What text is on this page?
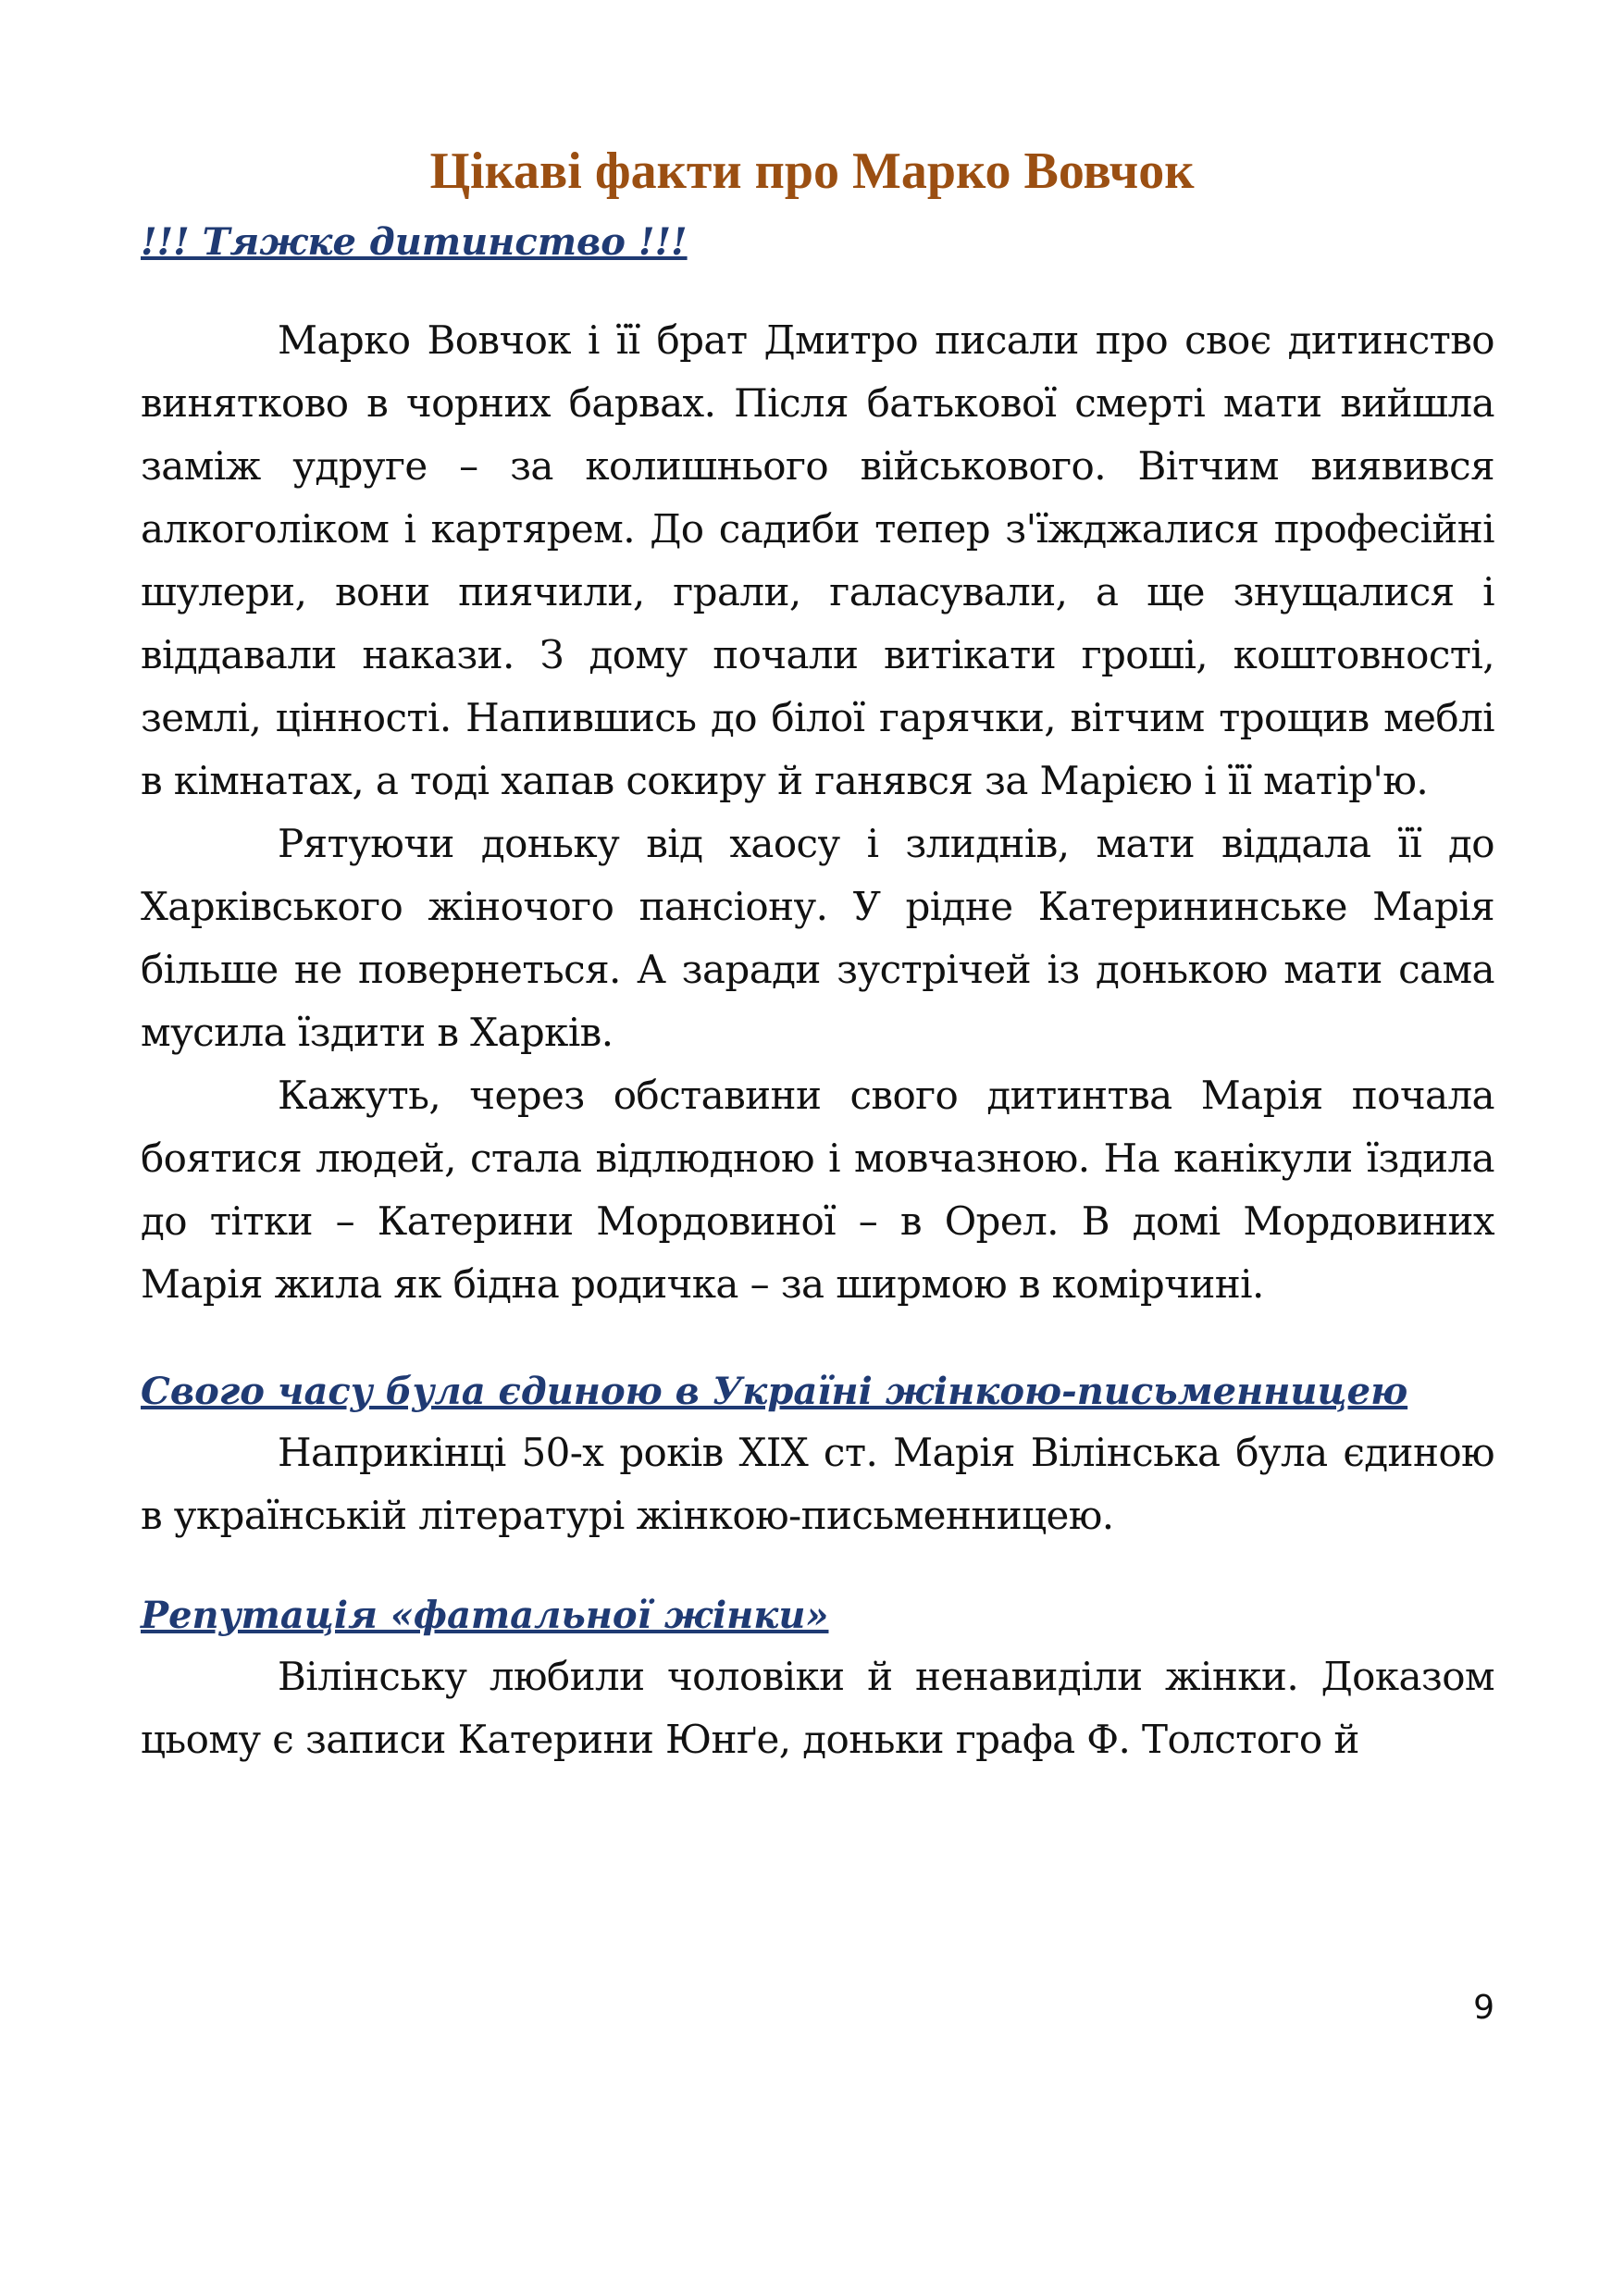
Цікаві факти про Марко Вовчок
!!! Тяжке дитинство !!!

Марко Вовчок і її брат Дмитро писали про своє дитинство винятково в чорних барвах. Після батькової смерті мати вийшла заміж удруге – за колишнього військового. Вітчим виявився алкоголіком і картярем. До садиби тепер з'їжджалися професійні шулери, вони пиячили, грали, галасували, а ще знущалися і віддавали накази. З дому почали витікати гроші, коштовності, землі, цінності. Напившись до білої гарячки, вітчим трощив меблі в кімнатах, а тоді хапав сокиру й ганявся за Марією і її матір'ю.

Рятуючи доньку від хаосу і злиднів, мати віддала її до Харківського жіночого пансіону. У рідне Катерининське Марія більше не повернеться. А заради зустрічей із донькою мати сама мусила їздити в Харків.

Кажуть, через обставини свого дитинтва Марія почала боятися людей, стала відлюдною і мовчазною. На канікули їздила до тітки – Катерини Мордовиної – в Орел. В домі Мордовиних Марія жила як бідна родичка – за ширмою в комірчині.

Свого часу була єдиною в Україні жінкою-письменницею

Наприкінці 50-х років ХІХ ст. Марія Вілінська була єдиною в українській літературі жінкою-письменницею.

Репутація «фатальної жінки»

Вілінську любили чоловіки й ненавиділи жінки. Доказом цьому є записи Катерини Юнґе, доньки графа Ф. Толстого й

9
